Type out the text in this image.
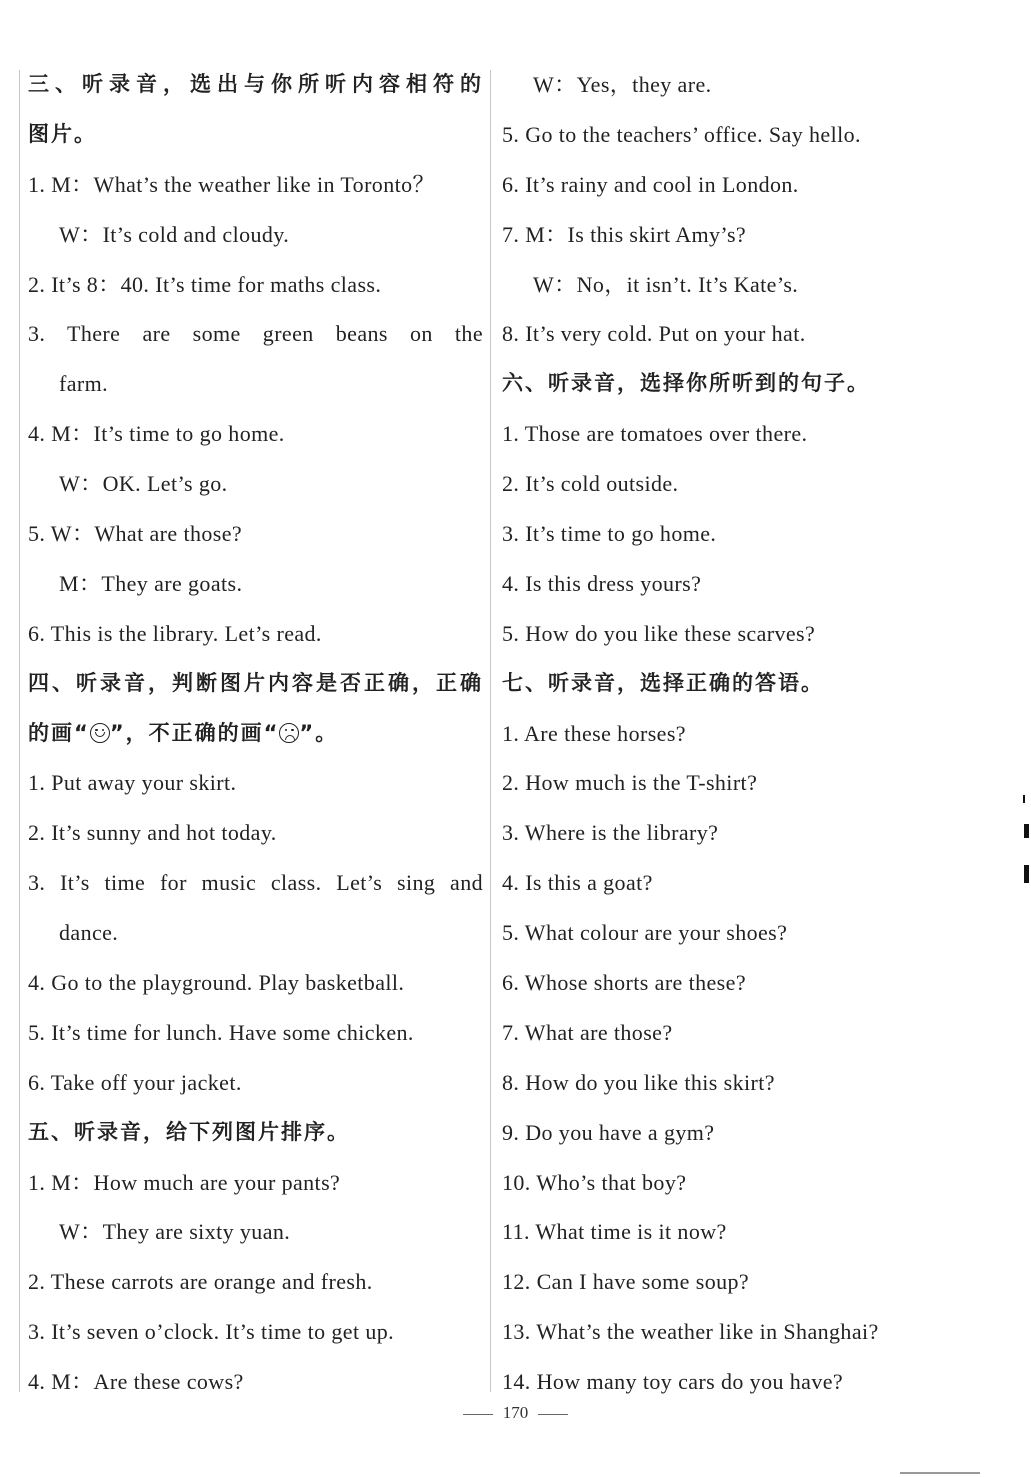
三、听录音，选出与你所听内容相符的
图片。
1. M：What’s the weather like in Toronto？
W：It’s cold and cloudy.
2. It’s 8：40. It’s time for maths class.
3. There are some green beans on the
farm.
4. M：It’s time to go home.
W：OK. Let’s go.
5. W：What are those?
M：They are goats.
6. This is the library. Let’s read.
四、听录音，判断图片内容是否正确，正确
的画“ ”，不正确的画“ ”。
1. Put away your skirt.
2. It’s sunny and hot today.
3. It’s time for music class. Let’s sing and
dance.
4. Go to the playground. Play basketball.
5. It’s time for lunch. Have some chicken.
6. Take off your jacket.
五、听录音，给下列图片排序。
1. M：How much are your pants?
W：They are sixty yuan.
2. These carrots are orange and fresh.
3. It’s seven o’clock. It’s time to get up.
4. M：Are these cows?
W：Yes，they are.
5. Go to the teachers’ office. Say hello.
6. It’s rainy and cool in London.
7. M：Is this skirt Amy’s?
W：No，it isn’t. It’s Kate’s.
8. It’s very cold. Put on your hat.
六、听录音，选择你所听到的句子。
1. Those are tomatoes over there.
2. It’s cold outside.
3. It’s time to go home.
4. Is this dress yours?
5. How do you like these scarves?
七、听录音，选择正确的答语。
1. Are these horses?
2. How much is the T-shirt?
3. Where is the library?
4. Is this a goat?
5. What colour are your shoes?
6. Whose shorts are these?
7. What are those?
8. How do you like this skirt?
9. Do you have a gym?
10. Who’s that boy?
11. What time is it now?
12. Can I have some soup?
13. What’s the weather like in Shanghai?
14. How many toy cars do you have?
170
